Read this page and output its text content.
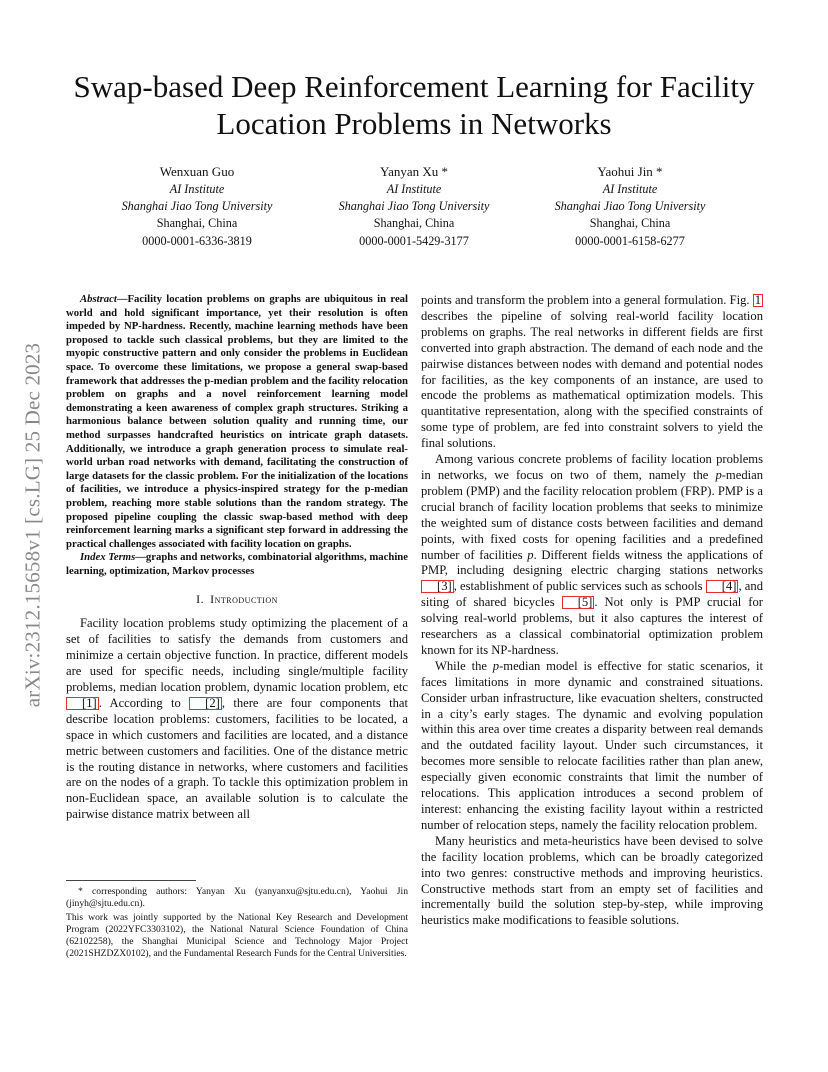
arXiv:2312.15658v1 [cs.LG] 25 Dec 2023
Swap-based Deep Reinforcement Learning for Facility Location Problems in Networks
Wenxuan Guo
AI Institute
Shanghai Jiao Tong University
Shanghai, China
0000-0001-6336-3819
Yanyan Xu *
AI Institute
Shanghai Jiao Tong University
Shanghai, China
0000-0001-5429-3177
Yaohui Jin *
AI Institute
Shanghai Jiao Tong University
Shanghai, China
0000-0001-6158-6277

Abstract—Facility location problems on graphs are ubiquitous in real world and hold significant importance, yet their resolution is often impeded by NP-hardness. Recently, machine learning methods have been proposed to tackle such classical problems, but they are limited to the myopic constructive pattern and only consider the problems in Euclidean space. To overcome these limitations, we propose a general swap-based framework that addresses the p-median problem and the facility relocation problem on graphs and a novel reinforcement learning model demonstrating a keen awareness of complex graph structures. Striking a harmonious balance between solution quality and running time, our method surpasses handcrafted heuristics on intricate graph datasets. Additionally, we introduce a graph generation process to simulate real-world urban road networks with demand, facilitating the construction of large datasets for the classic problem. For the initialization of the locations of facilities, we introduce a physics-inspired strategy for the p-median problem, reaching more stable solutions than the random strategy. The proposed pipeline coupling the classic swap-based method with deep reinforcement learning marks a significant step forward in addressing the practical challenges associated with facility location on graphs.

Index Terms—graphs and networks, combinatorial algorithms, machine learning, optimization, Markov processes

I. Introduction

Facility location problems study optimizing the placement of a set of facilities to satisfy the demands from customers and minimize a certain objective function. In practice, different models are used for specific needs, including single/multiple facility problems, median location problem, dynamic location problem, etc [1] . According to [2] , there are four components that describe location problems: customers, facilities to be located, a space in which customers and facilities are located, and a distance metric between customers and facilities. One of the distance metric is the routing distance in networks, where customers and facilities are on the nodes of a graph. To tackle this optimization problem in non-Euclidean space, an available solution is to calculate the pairwise distance matrix between all

* corresponding authors: Yanyan Xu (yanyanxu@sjtu.edu.cn), Yaohui Jin (jinyh@sjtu.edu.cn).

This work was jointly supported by the National Key Research and Development Program (2022YFC3303102), the National Natural Science Foundation of China (62102258), the Shanghai Municipal Science and Technology Major Project (2021SHZDZX0102), and the Fundamental Research Funds for the Central Universities.

points and transform the problem into a general formulation. Fig. 1 describes the pipeline of solving real-world facility location problems on graphs. The real networks in different fields are first converted into graph abstraction. The demand of each node and the pairwise distances between nodes with demand and potential nodes for facilities, as the key components of an instance, are used to encode the problems as mathematical optimization models. This quantitative representation, along with the specified constraints of some type of problem, are fed into constraint solvers to yield the final solutions.

Among various concrete problems of facility location problems in networks, we focus on two of them, namely the p-median problem (PMP) and the facility relocation problem (FRP). PMP is a crucial branch of facility location problems that seeks to minimize the weighted sum of distance costs between facilities and demand points, with fixed costs for opening facilities and a predefined number of facilities p. Different fields witness the applications of PMP, including designing electric charging stations networks [3] , establishment of public services such as schools [4] , and siting of shared bicycles [5] . Not only is PMP crucial for solving real-world problems, but it also captures the interest of researchers as a classical combinatorial optimization problem known for its NP-hardness.

While the p-median model is effective for static scenarios, it faces limitations in more dynamic and constrained situations. Consider urban infrastructure, like evacuation shelters, constructed in a city’s early stages. The dynamic and evolving population within this area over time creates a disparity between real demands and the outdated facility layout. Under such circumstances, it becomes more sensible to relocate facilities rather than plan anew, especially given economic constraints that limit the number of relocations. This application introduces a second problem of interest: enhancing the existing facility layout within a restricted number of relocation steps, namely the facility relocation problem.

Many heuristics and meta-heuristics have been devised to solve the facility location problems, which can be broadly categorized into two genres: constructive methods and improving heuristics. Constructive methods start from an empty set of facilities and incrementally build the solution step-by-step, while improving heuristics make modifications to feasible solutions.
